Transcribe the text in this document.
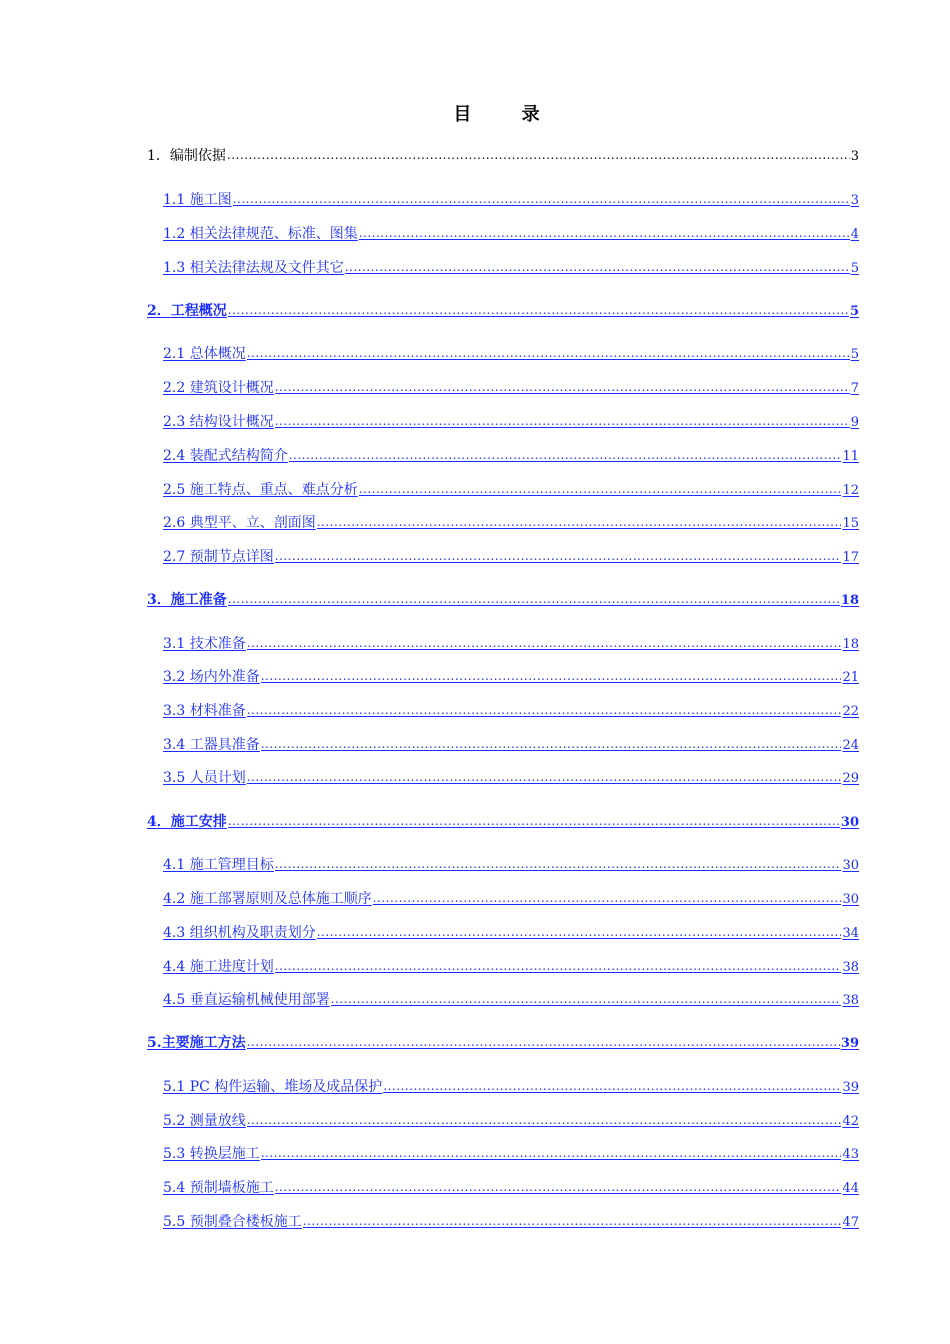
目 录
1．编制依据 .....	3
1.1 施工图 .....	3
1.2 相关法律规范、标准、图集 .....	4
1.3 相关法律法规及文件其它 .....	5
2．工程概况 .....	5
2.1 总体概况 .....	5
2.2 建筑设计概况 .....	7
2.3 结构设计概况 .....	9
2.4 装配式结构简介 .....	11
2.5 施工特点、重点、难点分析 .....	12
2.6 典型平、立、剖面图 .....	15
2.7 预制节点详图 .....	17
3．施工准备 .....	18
3.1 技术准备 .....	18
3.2 场内外准备 .....	21
3.3 材料准备 .....	22
3.4 工器具准备 .....	24
3.5 人员计划 .....	29
4．施工安排 .....	30
4.1 施工管理目标 .....	30
4.2 施工部署原则及总体施工顺序 .....	30
4.3 组织机构及职责划分 .....	34
4.4 施工进度计划 .....	38
4.5 垂直运输机械使用部署 .....	38
5.主要施工方法 .....	39
5.1 PC 构件运输、堆场及成品保护 .....	39
5.2 测量放线 .....	42
5.3 转换层施工 .....	43
5.4 预制墙板施工 .....	44
5.5 预制叠合楼板施工 .....	47
